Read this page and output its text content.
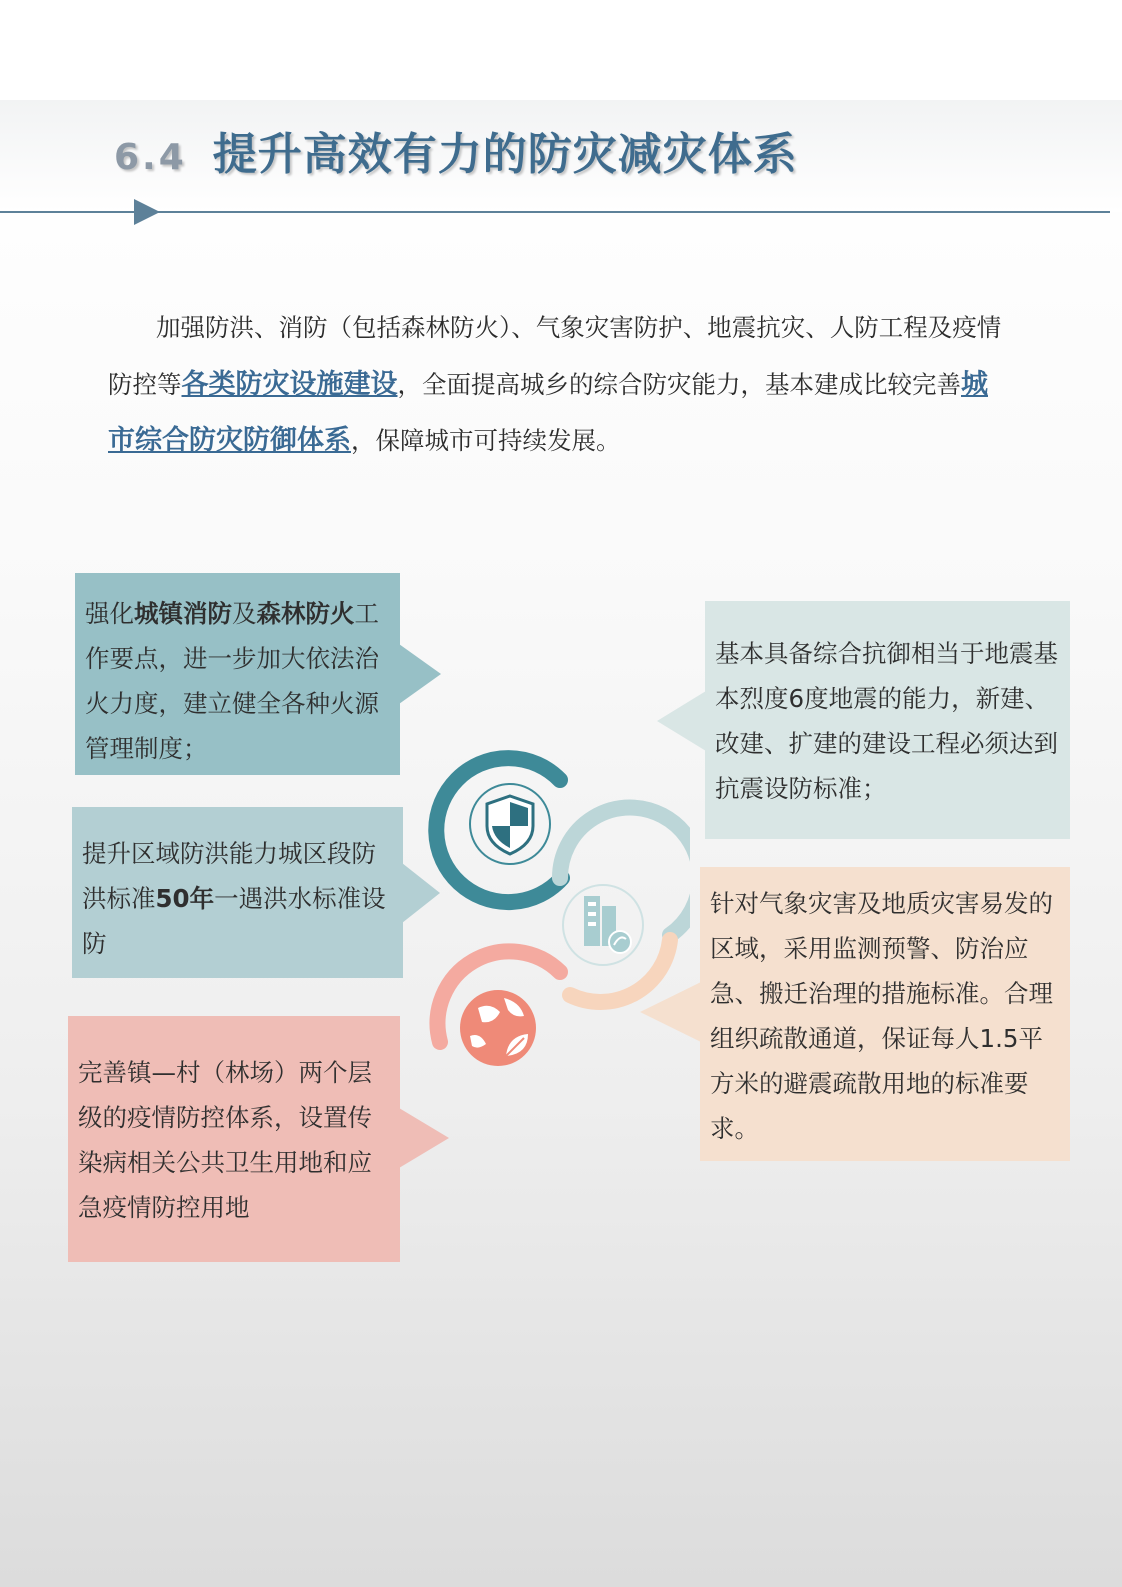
6.4 提升高效有力的防灾减灾体系
加强防洪、消防（包括森林防火）、气象灾害防护、地震抗灾、人防工程及疫情防控等各类防灾设施建设，全面提高城乡的综合防灾能力，基本建成比较完善城市综合防灾防御体系，保障城市可持续发展。
强化城镇消防及森林防火工作要点，进一步加大依法治火力度，建立健全各种火源管理制度；
提升区域防洪能力城区段防洪标准50年一遇洪水标准设防
完善镇—村（林场）两个层级的疫情防控体系，设置传染病相关公共卫生用地和应急疫情防控用地
基本具备综合抗御相当于地震基本烈度6度地震的能力，新建、改建、扩建的建设工程必须达到抗震设防标准；
针对气象灾害及地质灾害易发的区域，采用监测预警、防治应急、搬迁治理的措施标准。合理组织疏散通道，保证每人1.5平方米的避震疏散用地的标准要求。
